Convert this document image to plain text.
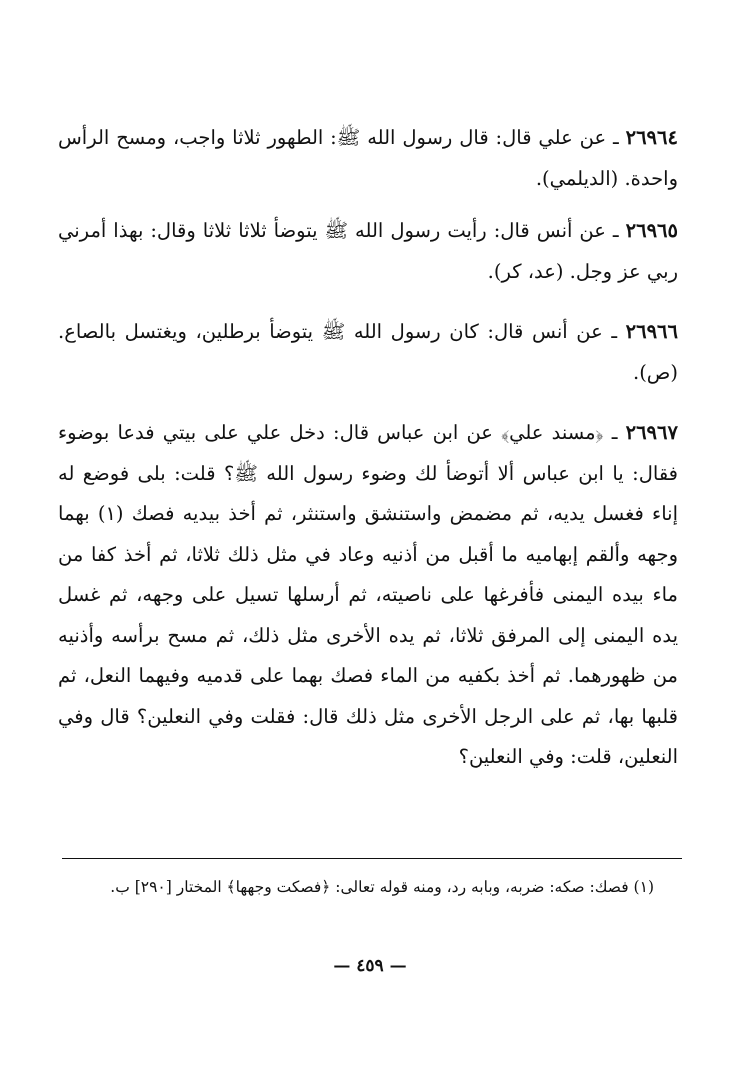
٢٦٩٦٤ ـ عن علي قال: قال رسول الله ﷺ: الطهور ثلاثا واجب، ومسح الرأس واحدة. (الديلمي).

٢٦٩٦٥ ـ عن أنس قال: رأيت رسول الله ﷺ يتوضأ ثلاثا ثلاثا وقال: بهذا أمرني ربي عز وجل. (عد، كر).

٢٦٩٦٦ ـ عن أنس قال: كان رسول الله ﷺ يتوضأ برطلين، ويغتسل بالصاع. (ص).

٢٦٩٦٧ ـ ﴿مسند علي﴾ عن ابن عباس قال: دخل علي على بيتي فدعا بوضوء فقال: يا ابن عباس ألا أتوضأ لك وضوء رسول الله ﷺ؟ قلت: بلى فوضع له إناء فغسل يديه، ثم مضمض واستنشق واستنثر، ثم أخذ بيديه فصك (١) بهما وجهه وألقم إبهاميه ما أقبل من أذنيه وعاد في مثل ذلك ثلاثا، ثم أخذ كفا من ماء بيده اليمنى فأفرغها على ناصيته، ثم أرسلها تسيل على وجهه، ثم غسل يده اليمنى إلى المرفق ثلاثا، ثم يده الأخرى مثل ذلك، ثم مسح برأسه وأذنيه من ظهورهما. ثم أخذ بكفيه من الماء فصك بهما على قدميه وفيهما النعل، ثم قلبها بها، ثم على الرجل الأخرى مثل ذلك قال: فقلت وفي النعلين؟ قال وفي النعلين، قلت: وفي النعلين؟

(١) فصك: صكه: ضربه، وبابه رد، ومنه قوله تعالى: ﴿فصكت وجهها﴾ المختار [٢٩٠] ب.
— ٤٥٩ —
